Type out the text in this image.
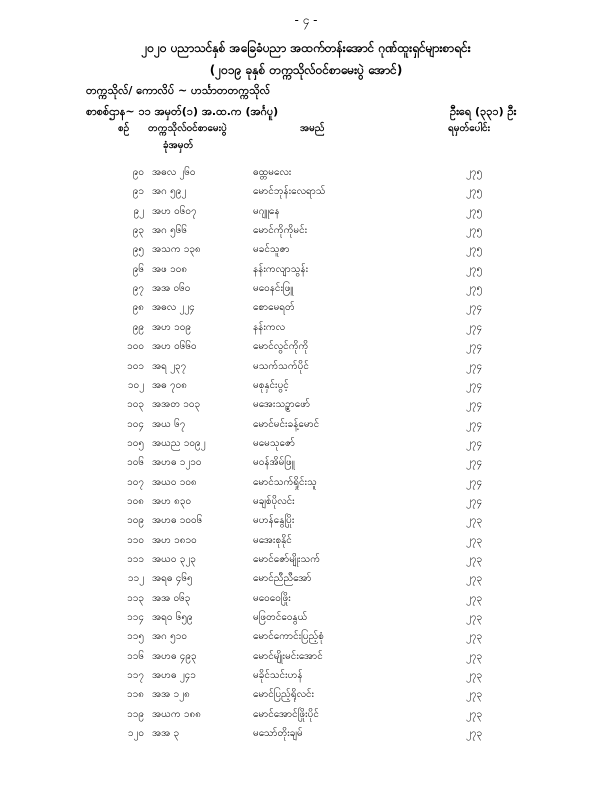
- ၄ -
၂၀၂၀ ပညာသင်နှစ် အခြေခံပညာ အထက်တန်းအောင် ဂုဏ်ထူးရှင်များစာရင်း
(၂၀၁၉ ခုနှစ် တက္ကသိုလ်ဝင်စာမေးပွဲ အောင်)
တက္ကသိုလ်/ ကောလိပ် ~ ဟင်္သာတတက္ကသိုလ်
စာစစ်ဌာန~ ၁၁ အမှတ်(၁) အ.ထ.က (အင်္ဂပူ)	ဦးရေ (၃၃၁) ဦး
စဉ် တက္ကသိုလ်ဝင်စာမေးပွဲ
ခုံအမှတ်
အမည်	ရမှတ်ပေါင်း
၉၀ အဓလ ၂၆၀	ဓထ္တမလေး	၂၇၅
၉၁ အဂ ၅၉၂	မောင်ဘုန်းလေရာသ်	၂၇၅
၉၂ အဟ ၀၆၀၇	မဂျူနေ	၂၇၅
၉၃ အဂ ၅၆၆	မောင်ကိုကိုမင်း	၂၇၅
၉၅ အသက ၁၃၈	မခင်သူဇာ	၂၇၅
၉၆ အဖ ၁၀၈	နန်းကလျာသွန်း	၂၇၅
၉၇ အအ ၀၆၀	မဝေနင်းဖြူ	၂၇၅
၉၈ အဓလ ၂၂၄	စောမေရတ်	၂၇၄
၉၉ အဟ ၁၀၉	နန်းကလ	၂၇၄
၁၀၀ အဟ ၀၆၆၀	မောင်လွင်ကိုကို	၂၇၄
၁၀၁ အရ ၂၃၇	မသက်သက်ပိုင်	၂၇၄
၁၀၂ အဓ ၇၀၈	မစုနှင်းပွင့်	၂၇၄
၁၀၃ အအတ ၁၀၃	မအေးသဉ္စာဖော်	၂၇၄
၁၀၄ အယ ၆၇	မောင်မင်းခန့်မောင်	၂၇၄
၁၀၅ အယည ၁၀၉၂	မမေသုဇော်	၂၇၄
၁၀၆ အဟဓ ၁၂၁၀	မဝန်အိမ်ဖြူ	၂၇၄
၁၀၇ အယ၀ ၁၀၈	မောင်သက်ရှိုင်းသူ	၂၇၄
၁၀၈ အဟ ၈၃၀	မချစ်ပိုလင်း	၂၇၄
၁၀၉ အဟဓ ၁၀၀၆	မဟန်နွေပြိုး	၂၇၃
၁၁၀ အဟ ၁၈၁၀	မအေးစုနိုင်	၂၇၃
၁၁၁ အယ၀ ၃၂၃	မောင်ဇော်မျိုးသက်	၂၇၃
၁၁၂ အရဓ ၄၆၅	မောင်ညီညီအော်	၂၇၃
၁၁၃ အအ ၀၆၃	မဝေဝေဖြိုး	၂၇၃
၁၁၄ အရ၀ ၆၅၉	မဖြတင်ဝေနွယ်	၂၇၃
၁၁၅ အဂ ၅၁၀	မောင်ကောင်းပြည့်စုံ	၂၇၃
၁၁၆ အဟဓ ၄၉၃	မောင်မျိုးမင်းအောင်	၂၇၃
၁၁၇ အဟဓ ၂၄၁	မခိုင်သင်းဟန်	၂၇၃
၁၁၈ အအ ၁၂၈	မောင်ပြည့်ရိုလင်း	၂၇၃
၁၁၉ အယက ၁၈၈	မောင်အောင်ဖြိုးပိုင်	၂၇၃
၁၂၀ အအ ၃	မသော်တိုးချမ်	၂၇၃
